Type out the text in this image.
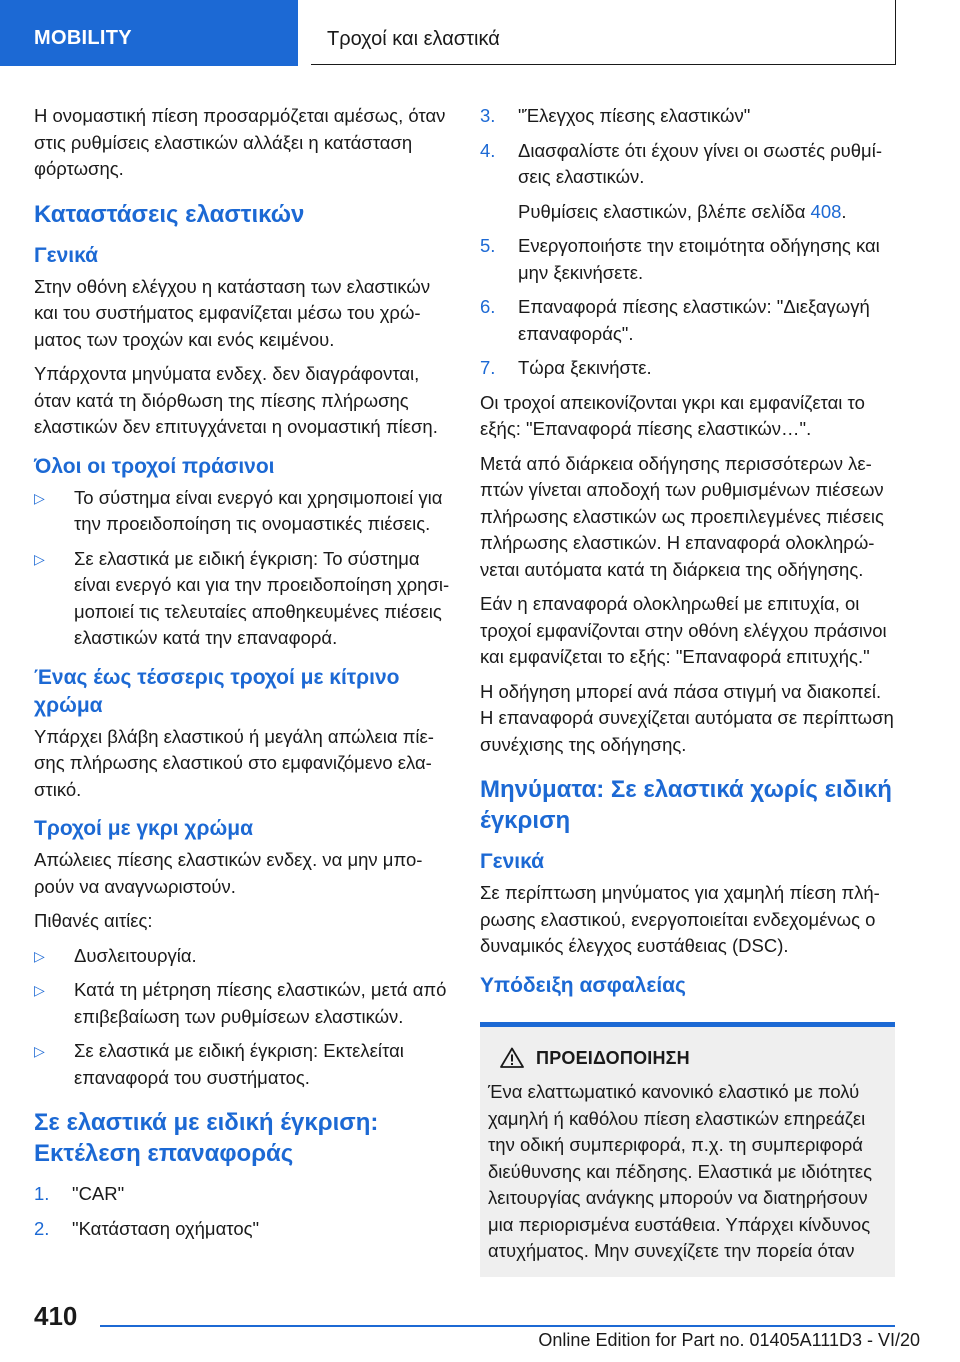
MOBILITY	Τροχοί και ελαστικά

Η ονομαστική πίεση προσαρμόζεται αμέσως, όταν στις ρυθμίσεις ελαστικών αλλάξει η κατάσταση φόρτωσης.

Καταστάσεις ελαστικών
Γενικά

Στην οθόνη ελέγχου η κατάσταση των ελαστικών και του συστήματος εμφανίζεται μέσω του χρώματος των τροχών και ενός κειμένου.

Υπάρχοντα μηνύματα ενδεχ. δεν διαγράφονται, όταν κατά τη διόρθωση της πίεσης πλήρωσης ελαστικών δεν επιτυγχάνεται η ονομαστική πίεση.

Όλοι οι τροχοί πράσινοι
▷ Το σύστημα είναι ενεργό και χρησιμοποιεί για την προειδοποίηση τις ονομαστικές πιέσεις.
▷ Σε ελαστικά με ειδική έγκριση: Το σύστημα είναι ενεργό και για την προειδοποίηση χρησιμοποιεί τις τελευταίες αποθηκευμένες πιέσεις ελαστικών κατά την επαναφορά.
Ένας έως τέσσερις τροχοί με κίτρινο χρώμα

Υπάρχει βλάβη ελαστικού ή μεγάλη απώλεια πίεσης πλήρωσης ελαστικού στο εμφανιζόμενο ελαστικό.

Τροχοί με γκρι χρώμα

Απώλειες πίεσης ελαστικών ενδεχ. να μην μπορούν να αναγνωριστούν.

Πιθανές αιτίες:

▷ Δυσλειτουργία.
▷ Κατά τη μέτρηση πίεσης ελαστικών, μετά από επιβεβαίωση των ρυθμίσεων ελαστικών.
▷ Σε ελαστικά με ειδική έγκριση: Εκτελείται επαναφορά του συστήματος.
Σε ελαστικά με ειδική έγκριση: Εκτέλεση επαναφοράς
1. "CAR"
2. "Κατάσταση οχήματος"
3. "Έλεγχος πίεσης ελαστικών"
4. Διασφαλίστε ότι έχουν γίνει οι σωστές ρυθμίσεις ελαστικών.
Ρυθμίσεις ελαστικών, βλέπε σελίδα 408.
5. Ενεργοποιήστε την ετοιμότητα οδήγησης και μην ξεκινήσετε.
6. Επαναφορά πίεσης ελαστικών: "Διεξαγωγή επαναφοράς".
7. Τώρα ξεκινήστε.

Οι τροχοί απεικονίζονται γκρι και εμφανίζεται το εξής: "Επαναφορά πίεσης ελαστικών…".

Μετά από διάρκεια οδήγησης περισσότερων λεπτών γίνεται αποδοχή των ρυθμισμένων πιέσεων πλήρωσης ελαστικών ως προεπιλεγμένες πιέσεις πλήρωσης ελαστικών. Η επαναφορά ολοκληρώνεται αυτόματα κατά τη διάρκεια της οδήγησης.

Εάν η επαναφορά ολοκληρωθεί με επιτυχία, οι τροχοί εμφανίζονται στην οθόνη ελέγχου πράσινοι και εμφανίζεται το εξής: "Επαναφορά επιτυχής."

Η οδήγηση μπορεί ανά πάσα στιγμή να διακοπεί. Η επαναφορά συνεχίζεται αυτόματα σε περίπτωση συνέχισης της οδήγησης.

Μηνύματα: Σε ελαστικά χωρίς ειδική έγκριση
Γενικά

Σε περίπτωση μηνύματος για χαμηλή πίεση πλήρωσης ελαστικού, ενεργοποιείται ενδεχομένως ο δυναμικός έλεγχος ευστάθειας (DSC).

Υπόδειξη ασφαλείας
ΠΡΟΕΙΔΟΠΟΙΗΣΗ
Ένα ελαττωματικό κανονικό ελαστικό με πολύ χαμηλή ή καθόλου πίεση ελαστικών επηρεάζει την οδική συμπεριφορά, π.χ. τη συμπεριφορά διεύθυνσης και πέδησης. Ελαστικά με ιδιότητες λειτουργίας ανάγκης μπορούν να διατηρήσουν μια περιορισμένα ευστάθεια. Υπάρχει κίνδυνος ατυχήματος. Μην συνεχίζετε την πορεία όταν
410
Online Edition for Part no. 01405A111D3 - VI/20
